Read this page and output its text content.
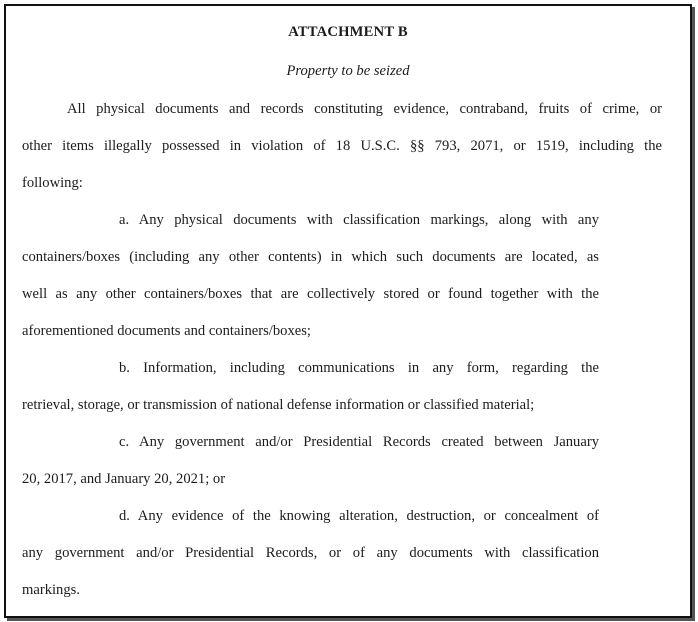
ATTACHMENT B
Property to be seized
All physical documents and records constituting evidence, contraband, fruits of crime, or
other items illegally possessed in violation of 18 U.S.C. §§ 793, 2071, or 1519, including the
following:
a. Any physical documents with classification markings, along with any
containers/boxes (including any other contents) in which such documents are located, as
well as any other containers/boxes that are collectively stored or found together with the
aforementioned documents and containers/boxes;
b. Information, including communications in any form, regarding the
retrieval, storage, or transmission of national defense information or classified material;
c. Any government and/or Presidential Records created between January
20, 2017, and January 20, 2021; or
d. Any evidence of the knowing alteration, destruction, or concealment of
any government and/or Presidential Records, or of any documents with classification
markings.
